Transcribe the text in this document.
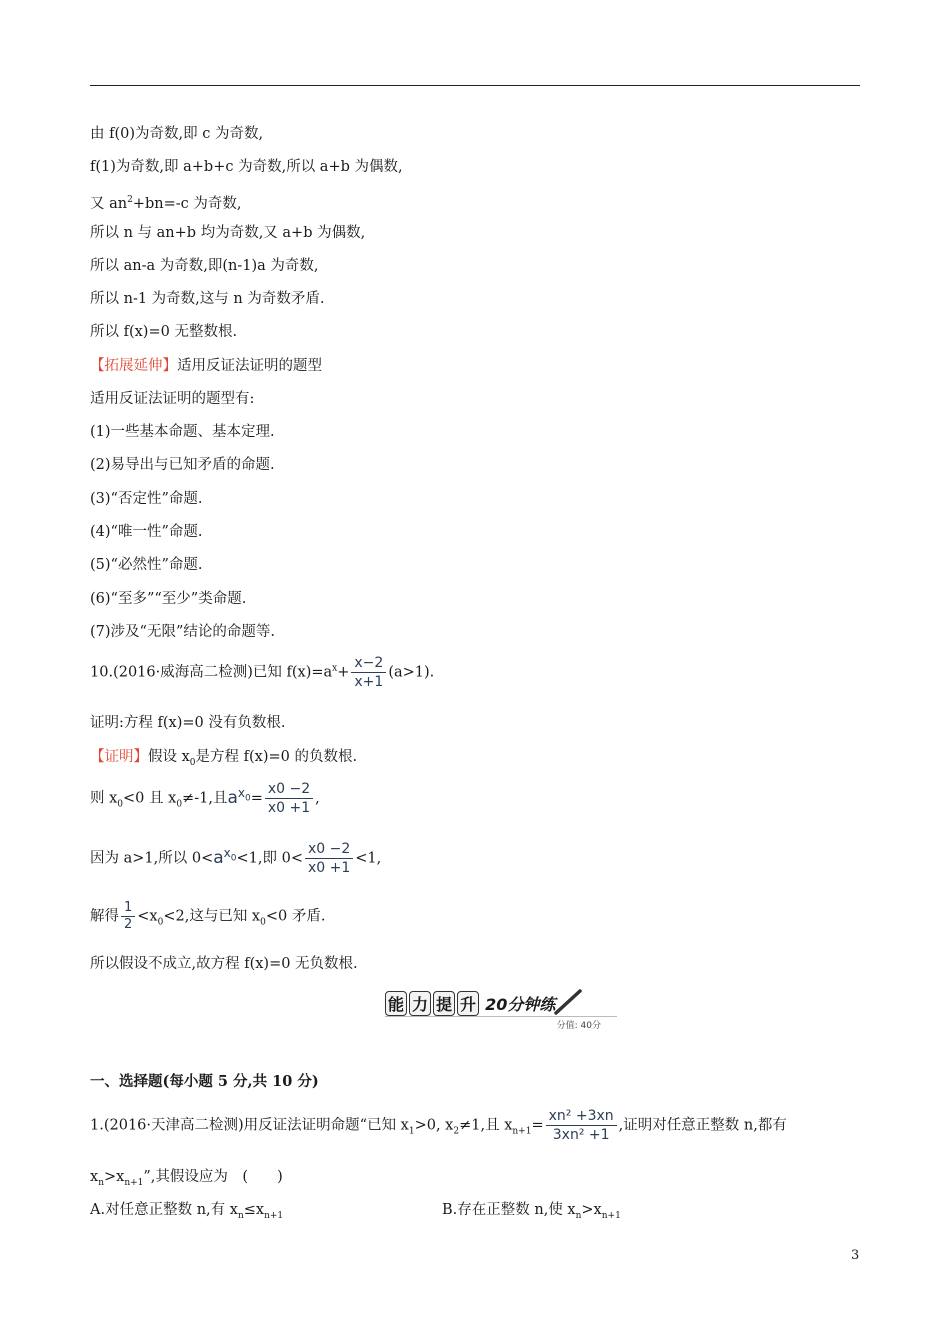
由 f(0)为奇数,即 c 为奇数,
f(1)为奇数,即 a+b+c 为奇数,所以 a+b 为偶数,
又 $an^2+bn=-c$ 为奇数,
所以 n 与 an+b 均为奇数,又 a+b 为偶数,
所以 an-a 为奇数,即(n-1)a 为奇数,
所以 n-1 为奇数,这与 n 为奇数矛盾.
所以 f(x)=0 无整数根.
【拓展延伸】适用反证法证明的题型
适用反证法证明的题型有:
(1)一些基本命题、基本定理.
(2)易导出与已知矛盾的命题.
(3)“否定性”命题.
(4)“唯一性”命题.
(5)“必然性”命题.
(6)“至多”“至少”类命题.
(7)涉及“无限”结论的命题等.
10.(2016·威海高二检测)已知 $f(x)=a^x+ \frac{x-2}{x+1} (a>1)$.
证明:方程 f(x)=0 没有负数根.
【证明】假设 $x_0$是方程 f(x)=0 的负数根.
则 $x_0<0$ 且 $x_0\ne-1$,且$a^{x_0}= \frac{x0 -2}{x0 +1}$ ,
因为 a>1,所以 $0<a^{x_0}<1$,即 $0< \frac{x0 -2}{x0 +1} <1$,
解得 $\frac{1}{2} <x_0<2$,这与已知 $x_0<0$ 矛盾.
所以假设不成立,故方程 f(x)=0 无负数根.
能 力 提 升 20分钟练
分值: 40分
一、选择题(每小题 5 分,共 10 分)
1.(2016·天津高二检测)用反证法证明命题“已知 $x_1>0$, $x_2\ne 1$,且 $x_{n+1}= \frac{\text{xn² +3xn}}{\text{3xn² +1}}$ ,证明对任意正整数 n,都有
$x_n>x_{n+1}$”,其假设应为　(　　)
A.对任意正整数 n,有 $x_n\le x_{n+1}$	B.存在正整数 n,使 $x_n>x_{n+1}$
3
